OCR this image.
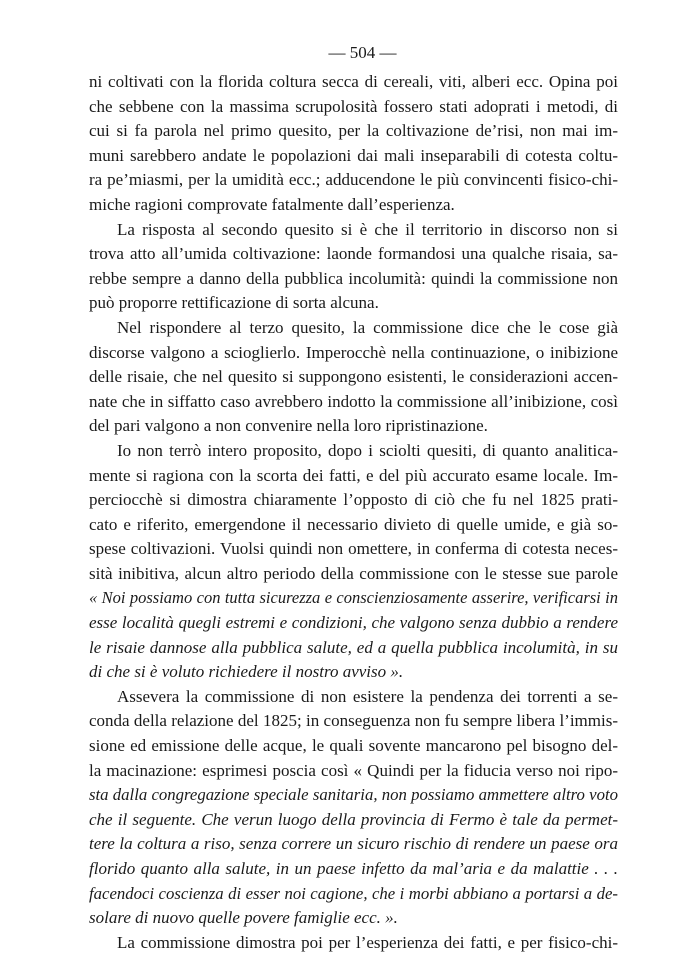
— 504 —
ni coltivati con la florida coltura secca di cereali, viti, alberi ecc. Opina poi
che sebbene con la massima scrupolosità fossero stati adoprati i metodi, di
cui si fa parola nel primo quesito, per la coltivazione de’risi, non mai im-
muni sarebbero andate le popolazioni dai mali inseparabili di cotesta coltu-
ra pe’miasmi, per la umidità ecc.; adducendone le più convincenti fisico-chi-
miche ragioni comprovate fatalmente dall’esperienza.
La risposta al secondo quesito si è che il territorio in discorso non si
trova atto all’umida coltivazione: laonde formandosi una qualche risaia, sa-
rebbe sempre a danno della pubblica incolumità: quindi la commissione non
può proporre rettificazione di sorta alcuna.
Nel rispondere al terzo quesito, la commissione dice che le cose già
discorse valgono a scioglierlo. Imperocchè nella continuazione, o inibizione
delle risaie, che nel quesito si suppongono esistenti, le considerazioni accen-
nate che in siffatto caso avrebbero indotto la commissione all’inibizione, così
del pari valgono a non convenire nella loro ripristinazione.
Io non terrò intero proposito, dopo i sciolti quesiti, di quanto analitica-
mente si ragiona con la scorta dei fatti, e del più accurato esame locale. Im-
perciocchè si dimostra chiaramente l’opposto di ciò che fu nel 1825 prati-
cato e riferito, emergendone il necessario divieto di quelle umide, e già so-
spese coltivazioni. Vuolsi quindi non omettere, in conferma di cotesta neces-
sità inibitiva, alcun altro periodo della commissione con le stesse sue parole
« Noi possiamo con tutta sicurezza e conscienziosamente asserire, verificarsi in
esse località quegli estremi e condizioni, che valgono senza dubbio a rendere
le risaie dannose alla pubblica salute, ed a quella pubblica incolumità, in su
di che si è voluto richiedere il nostro avviso ».
Assevera la commissione di non esistere la pendenza dei torrenti a se-
conda della relazione del 1825; in conseguenza non fu sempre libera l’immis-
sione ed emissione delle acque, le quali sovente mancarono pel bisogno del-
la macinazione: esprimesi poscia così « Quindi per la fiducia verso noi ripo-
sta dalla congregazione speciale sanitaria, non possiamo ammettere altro voto
che il seguente. Che verun luogo della provincia di Fermo è tale da permet-
tere la coltura a riso, senza correre un sicuro rischio di rendere un paese ora
florido quanto alla salute, in un paese infetto da mal’aria e da malattie . . .
facendoci coscienza di esser noi cagione, che i morbi abbiano a portarsi a de-
solare di nuovo quelle povere famiglie ecc. ».
La commissione dimostra poi per l’esperienza dei fatti, e per fisico-chi-
